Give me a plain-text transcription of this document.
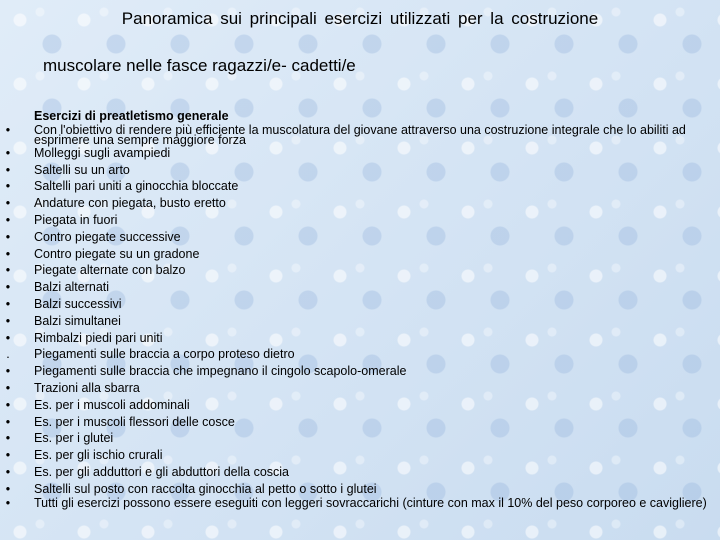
Panoramica sui principali esercizi utilizzati per la costruzione
muscolare nelle fasce ragazzi/e- cadetti/e
Esercizi di preatletismo generale
• Con l'obiettivo di rendere più efficiente la muscolatura del giovane attraverso una costruzione integrale che lo abiliti ad esprimere una sempre maggiore forza
• Molleggi sugli avampiedi
• Saltelli su un arto
• Saltelli pari uniti a ginocchia bloccate
• Andature con piegata, busto eretto
• Piegata in fuori
• Contro piegate successive
• Contro piegate su un gradone
• Piegate alternate con balzo
• Balzi alternati
• Balzi successivi
• Balzi simultanei
• Rimbalzi piedi pari uniti
. Piegamenti sulle braccia a corpo proteso dietro
• Piegamenti sulle braccia che impegnano il cingolo scapolo-omerale
• Trazioni alla sbarra
• Es. per i muscoli addominali
• Es. per i muscoli flessori delle cosce
• Es. per i glutei
• Es. per gli ischio crurali
• Es. per gli adduttori e gli abduttori della coscia
• Saltelli sul posto con raccolta ginocchia al petto o sotto i glutei
• Tutti gli esercizi possono essere eseguiti con leggeri sovraccarichi (cinture con max il 10% del peso corporeo e cavigliere)
